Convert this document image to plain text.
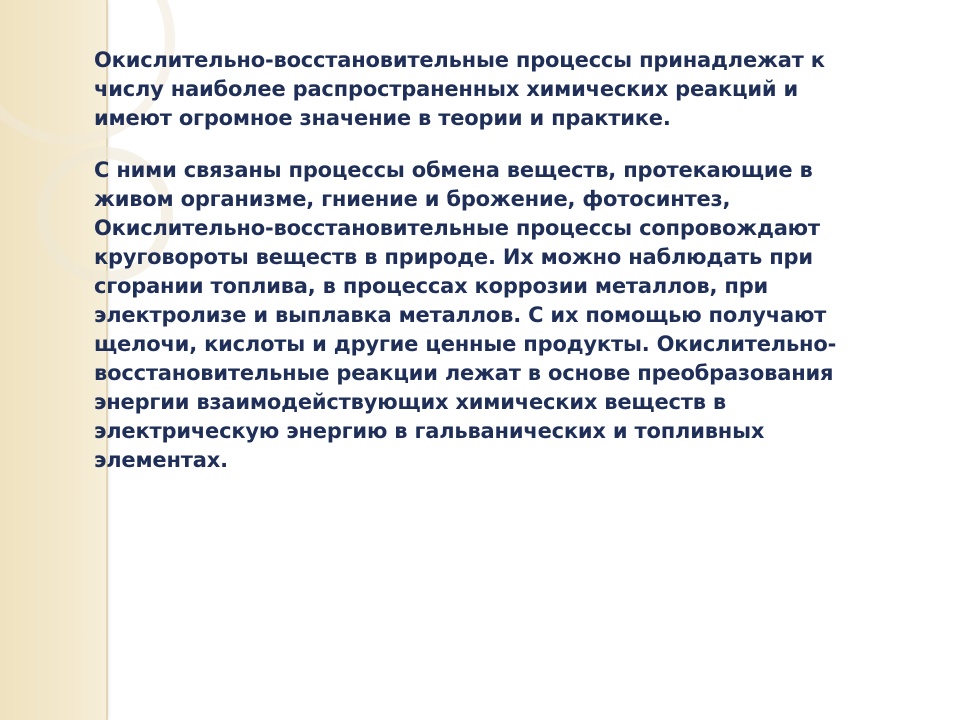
Окислительно-восстановительные процессы принадлежат к
числу наиболее распространенных химических реакций и
имеют огромное значение в теории и практике.

С ними связаны процессы обмена веществ, протекающие в
живом организме, гниение и брожение, фотосинтез,
Окислительно-восстановительные процессы сопровождают
круговороты веществ в природе. Их можно наблюдать при
сгорании топлива, в процессах коррозии металлов, при
электролизе и выплавка металлов. С их помощью получают
щелочи, кислоты и другие ценные продукты. Окислительно-
восстановительные реакции лежат в основе преобразования
энергии взаимодействующих химических веществ в
электрическую энергию в гальванических и топливных
элементах.
